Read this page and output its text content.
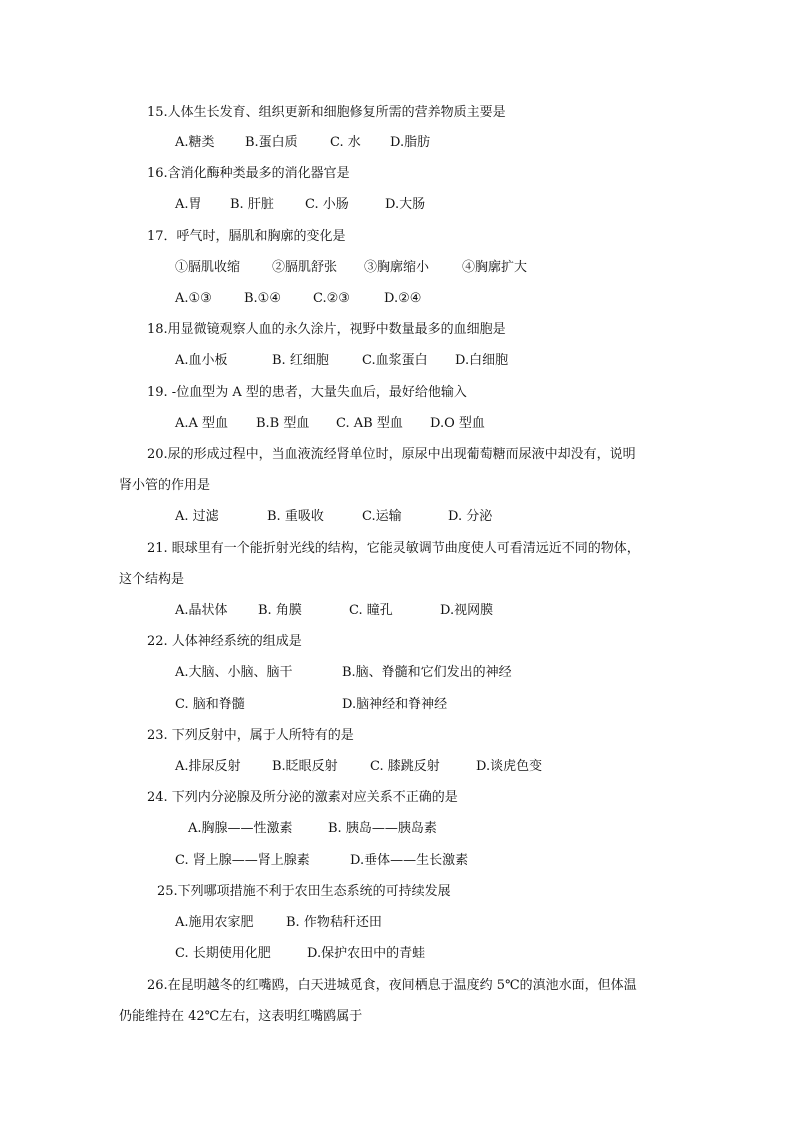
15.人体生长发育、组织更新和细胞修复所需的营养物质主要是
A.糖类 B.蛋白质 C. 水 D.脂肪
16.含消化酶种类最多的消化器官是
A.胃 B. 肝脏 C. 小肠	D.大肠
17．呼气时，膈肌和胸廓的变化是
①膈肌收缩 ②膈肌舒张 ③胸廓缩小	④胸廓扩大
A.①③ B.①④ C.②③	D.②④
18.用显微镜观察人血的永久涂片，视野中数量最多的血细胞是
A.血小板	B. 红细胞	C.血浆蛋白 D.白细胞
19. -位血型为 A 型的患者，大量失血后，最好给他输入
A.A 型血 B.B 型血 C. AB 型血 D.O 型血
20.尿的形成过程中，当血液流经肾单位时，原尿中出现葡萄糖而尿液中却没有，说明
肾小管的作用是
A. 过滤	B. 重吸收	C.运输	D. 分泌
21. 眼球里有一个能折射光线的结构，它能灵敏调节曲度使人可看清远近不同的物体，
这个结构是
A.晶状体 B. 角膜	C. 瞳孔	D.视网膜
22. 人体神经系统的组成是
A.大脑、小脑、脑干	B.脑、脊髓和它们发出的神经
C. 脑和脊髓	D.脑神经和脊神经
23. 下列反射中，属于人所特有的是
A.排尿反射 B.眨眼反射 C. 膝跳反射	D.谈虎色变
24. 下列内分泌腺及所分泌的激素对应关系不正确的是
A.胸腺——性激素	B. 胰岛——胰岛素
C. 肾上腺——肾上腺素	D.垂体——生长激素
25.下列哪项措施不利于农田生态系统的可持续发展
A.施用农家肥 B. 作物秸秆还田
C. 长期使用化肥	D.保护农田中的青蛙
26.在昆明越冬的红嘴鸥，白天进城觅食，夜间栖息于温度约 5℃的滇池水面，但体温
仍能维持在 42℃左右，这表明红嘴鸥属于
